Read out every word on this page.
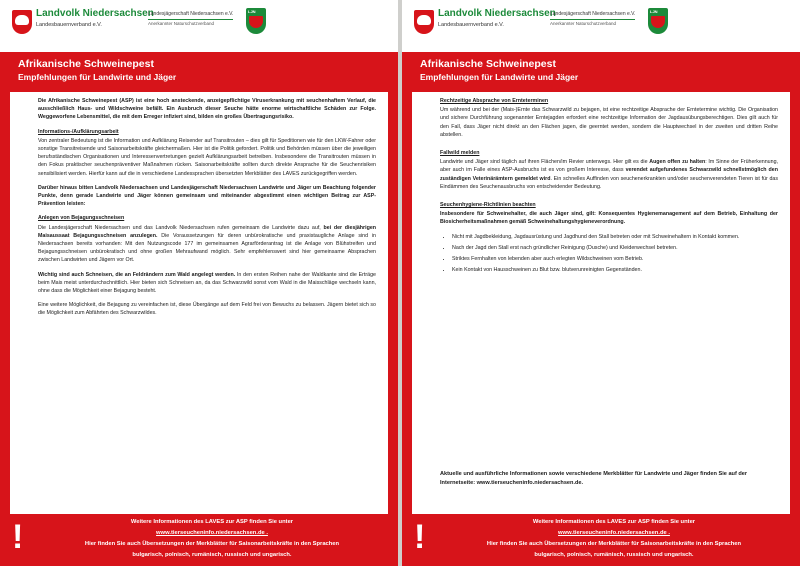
Landvolk Niedersachsen
Landesbauernverband e.V.
Landesjägerschaft Niedersachsen e.V.
Anerkannter Naturschutzverband
LJN
Afrikanische Schweinepest
Empfehlungen für Landwirte und Jäger

Die Afrikanische Schweinepest (ASP) ist eine hoch ansteckende, anzeigepflichtige Viruserkrankung mit seuchenhaftem Verlauf, die ausschließlich Haus- und Wildschweine befällt. Ein Ausbruch dieser Seuche hätte enorme wirtschaftliche Schäden zur Folge. Weggeworfene Lebensmittel, die mit dem Erreger infiziert sind, bilden ein großes Übertragungsrisiko.

Informations-/Aufklärungsarbeit

Von zentraler Bedeutung ist die Information und Aufklärung Reisender auf Transitrouten – dies gilt für Speditionen wie für den LKW-Fahrer oder sonstige Transitreisende und Saisonarbeitskräfte gleichermaßen. Hier ist die Politik gefordert. Politik und Behörden müssen über die jeweiligen berufsständischen Organisationen und Interessenvertretungen gezielt Aufklärungsarbeit betreiben. Insbesondere die Transitrouten müssen in den Fokus praktischer seuchenpräventiver Maßnahmen rücken. Saisonarbeitskräfte sollten durch direkte Ansprache für die Seuchenrisiken sensibilisiert werden. Hierfür kann auf die in verschiedene Landessprachen übersetzten Merkblätter des LAVES zurückgegriffen werden.

Darüber hinaus bitten Landvolk Niedersachsen und Landesjägerschaft Niedersachsen Landwirte und Jäger um Beachtung folgender Punkte, denn gerade Landwirte und Jäger können gemeinsam und miteinander abgestimmt einen wichtigen Beitrag zur ASP-Prävention leisten:

Anlegen von Bejagungsschneisen

Die Landesjägerschaft Niedersachsen und das Landvolk Niedersachsen rufen gemeinsam die Landwirte dazu auf, bei der diesjährigen Maisaussaat Bejagungsschneisen anzulegen. Die Voraussetzungen für deren unbürokratische und praxistaugliche Anlage sind in Niedersachsen bereits vorhanden: Mit den Nutzungscode 177 im gemeinsamen Agrarförderantrag ist die Anlage von Blühstreifen und Bejagungsschneisen unbürokratisch und ohne großen Mehraufwand möglich. Sehr empfehlenswert sind hier gemeinsame Absprachen zwischen Landwirten und Jägern vor Ort.

Wichtig sind auch Schneisen, die an Feldrändern zum Wald angelegt werden. In den ersten Reihen nahe der Waldkante sind die Erträge beim Mais meist unterdurchschnittlich. Hier bieten sich Schneisen an, da das Schwarzwild sonst vom Wald in die Maisschläge wechseln kann, ohne dass die Möglichkeit einer Bejagung besteht.

Eine weitere Möglichkeit, die Bejagung zu vereinfachen ist, diese Übergänge auf dem Feld frei von Bewuchs zu belassen. Jägern bietet sich so die Möglichkeit zum Abfährten des Schwarzwildes.

!	Weitere Informationen des LAVES zur ASP finden Sie unter
www.tierseucheninfo.niedersachsen.de .
Hier finden Sie auch Übersetzungen der Merkblätter für Saisonarbeitskräfte in den Sprachen
bulgarisch, polnisch, rumänisch, russisch und ungarisch.
Landvolk Niedersachsen
Landesbauernverband e.V.
Landesjägerschaft Niedersachsen e.V.
Anerkannter Naturschutzverband
LJN
Afrikanische Schweinepest
Empfehlungen für Landwirte und Jäger
Rechtzeitige Absprache von Ernteterminen

Um während und bei der (Mais-)Ernte das Schwarzwild zu bejagen, ist eine rechtzeitige Absprache der Erntetermine wichtig. Die Organisation und sichere Durchführung sogenannter Erntejagden erfordert eine rechtzeitige Information der Jagdausübungsberechtigen. Dies gilt auch für den Fall, dass Jäger nicht direkt an den Flächen jagen, die geerntet werden, sondern die Hauptwechsel in der zweiten und dritten Reihe abstellen.

Fallwild melden

Landwirte und Jäger sind täglich auf ihren Flächen/im Revier unterwegs. Hier gilt es die Augen offen zu halten: Im Sinne der Früherkennung, aber auch im Falle eines ASP-Ausbruchs ist es von großem Interesse, dass verendet aufgefundenes Schwarzwild schnellstmöglich den zuständigen Veterinärämtern gemeldet wird. Ein schnelles Auffinden von seuchenerkrankten und/oder seuchenverendeten Tieren ist für das Eindämmen des Seuchenausbruchs von entscheidender Bedeutung.

Seuchenhygiene-Richtlinien beachten

Insbesondere für Schweinehalter, die auch Jäger sind, gilt: Konsequentes Hygienemanagement auf dem Betrieb, Einhaltung der Biosicherheitsmaßnahmen gemäß Schweinehaltungshygieneverordnung.

• Nicht mit Jagdbekleidung, Jagdausrüstung und Jagdhund den Stall betreten oder mit Schweinehaltern in Kontakt kommen.
• Nach der Jagd den Stall erst nach gründlicher Reinigung (Dusche) und Kleiderwechsel betreten.
• Striktes Fernhalten von lebenden aber auch erlegten Wildschweinen vom Betrieb.
• Kein Kontakt von Hausschweinen zu Blut bzw. blutverunreinigten Gegenständen.
Aktuelle und ausführliche Informationen sowie verschiedene Merkblätter für Landwirte und Jäger finden Sie auf der Internetseite: www.tierseucheninfo.niedersachsen.de.
!	Weitere Informationen des LAVES zur ASP finden Sie unter
www.tierseucheninfo.niedersachsen.de .
Hier finden Sie auch Übersetzungen der Merkblätter für Saisonarbeitskräfte in den Sprachen
bulgarisch, polnisch, rumänisch, russisch und ungarisch.
